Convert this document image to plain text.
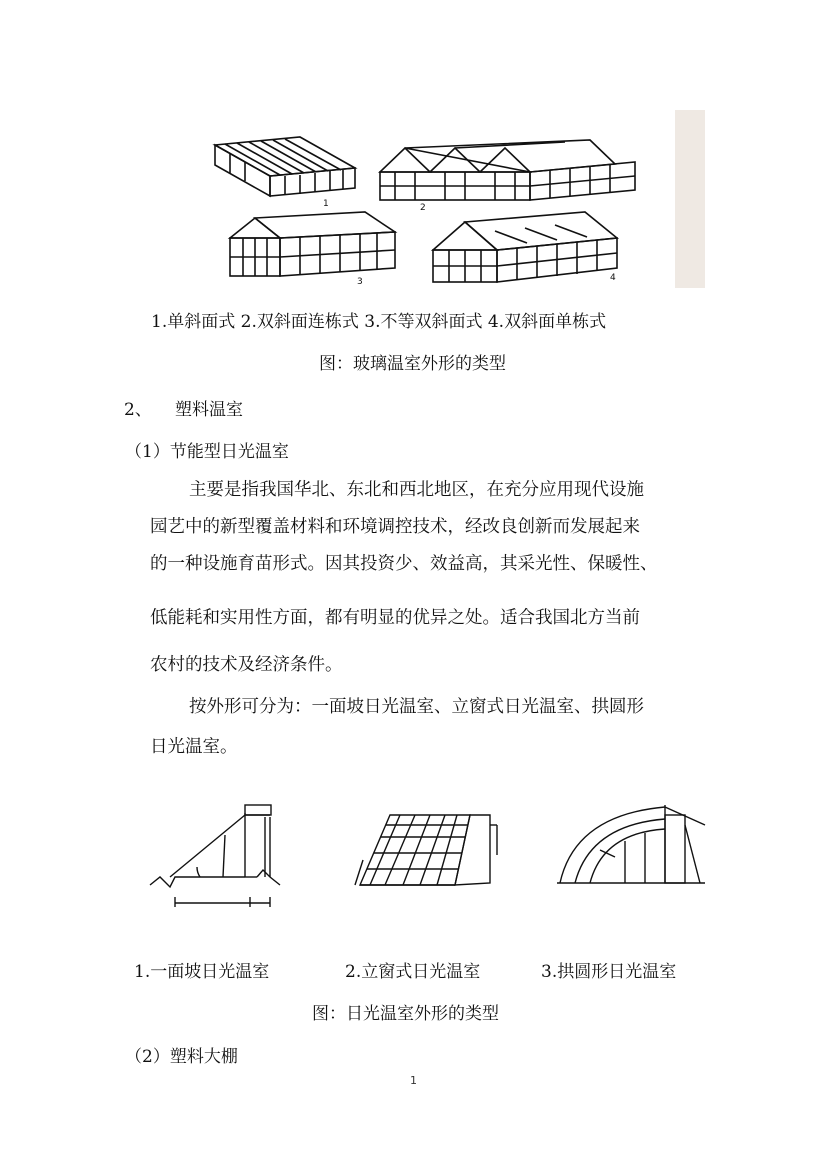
1	2
3	4
1.单斜面式 2.双斜面连栋式 3.不等双斜面式 4.双斜面单栋式
图：玻璃温室外形的类型
2、 塑料温室
（1）节能型日光温室
主要是指我国华北、东北和西北地区，在充分应用现代设施
园艺中的新型覆盖材料和环境调控技术，经改良创新而发展起来
的一种设施育苗形式。因其投资少、效益高，其采光性、保暖性、
低能耗和实用性方面，都有明显的优异之处。适合我国北方当前
农村的技术及经济条件。
按外形可分为：一面坡日光温室、立窗式日光温室、拱圆形
日光温室。
1.一面坡日光温室	2.立窗式日光温室	3.拱圆形日光温室
图：日光温室外形的类型
（2）塑料大棚
1
